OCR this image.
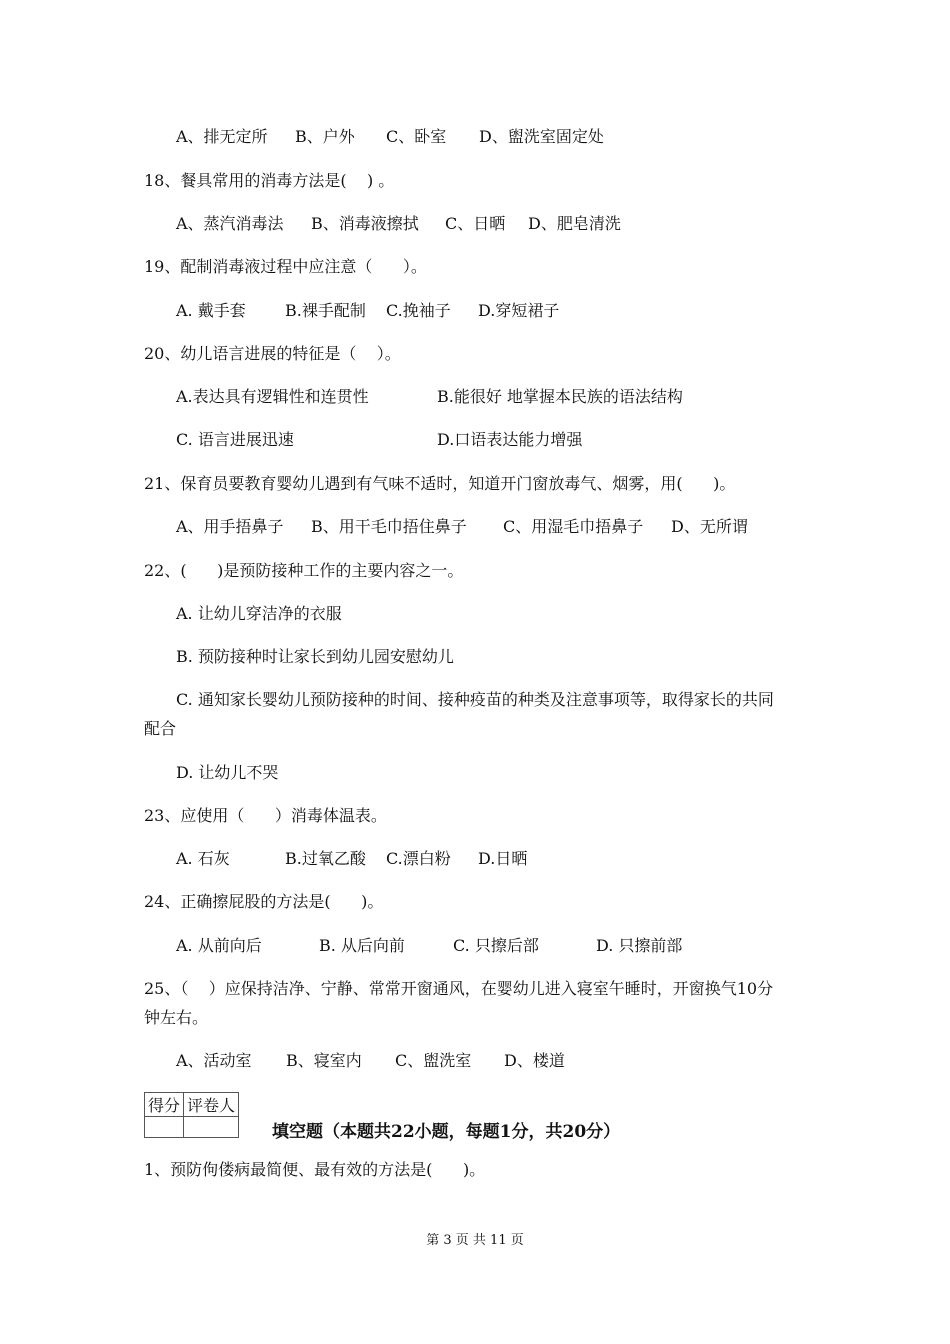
A、排无定所 B、户外 C、卧室 D、盥洗室固定处
18、餐具常用的消毒方法是(    ) 。
A、蒸汽消毒法 B、消毒液擦拭 C、日晒 D、肥皂清洗
19、配制消毒液过程中应注意（      ）。
A. 戴手套 B.裸手配制 C.挽袖子 D.穿短裙子
20、幼儿语言进展的特征是（    ）。
A.表达具有逻辑性和连贯性	B.能很好 地掌握本民族的语法结构
C. 语言进展迅速	D.口语表达能力增强
21、保育员要教育婴幼儿遇到有气味不适时，知道开门窗放毒气、烟雾，用(      )。
A、用手捂鼻子 B、用干毛巾捂住鼻子 C、用湿毛巾捂鼻子 D、无所谓
22、(      )是预防接种工作的主要内容之一。
A. 让幼儿穿洁净的衣服
B. 预防接种时让家长到幼儿园安慰幼儿
C. 通知家长婴幼儿预防接种的时间、接种疫苗的种类及注意事项等，取得家长的共同
配合
D. 让幼儿不哭
23、应使用（      ）消毒体温表。
A. 石灰	B.过氧乙酸 C.漂白粉 D.日晒
24、正确擦屁股的方法是(      )。
A. 从前向后	B. 从后向前	C. 只擦后部	D. 只擦前部
25、（    ）应保持洁净、宁静、常常开窗通风，在婴幼儿进入寝室午睡时，开窗换气10分
钟左右。
A、活动室 B、寝室内 C、盥洗室 D、楼道
得分	评卷人

填空题（本题共22小题，每题1分，共20分）
1、预防佝偻病最简便、最有效的方法是(      )。
第 3 页 共 11 页
